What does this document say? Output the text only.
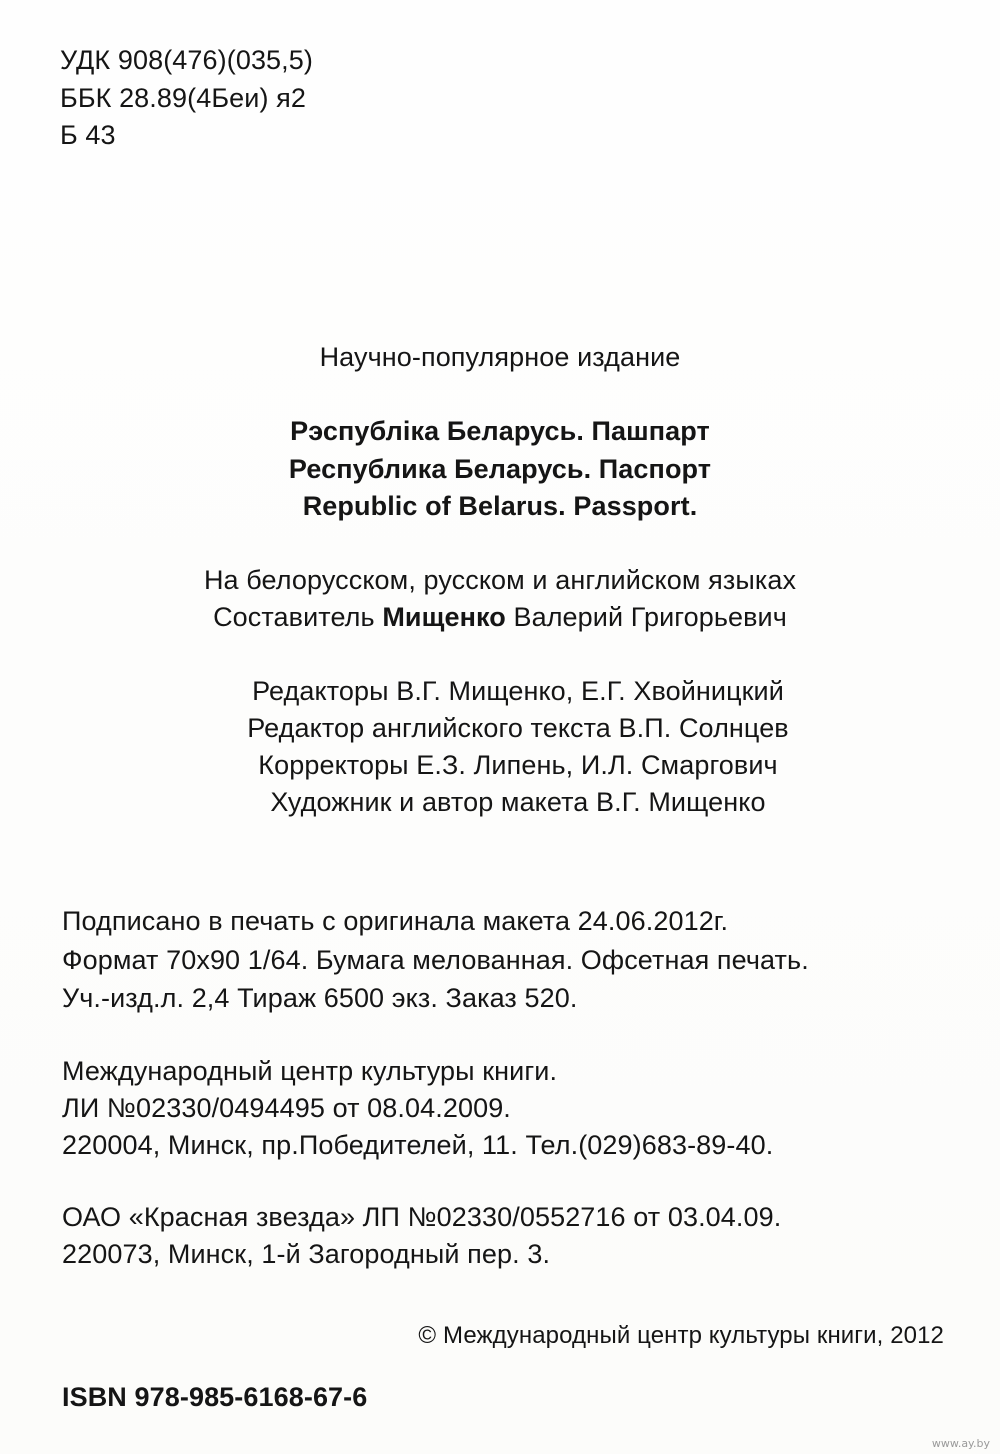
УДК 908(476)(035,5)
ББК 28.89(4Беи) я2
Б 43
Научно-популярное издание
Рэспубліка Беларусь. Пашпарт
Республика Беларусь. Паспорт
Republic of Belarus. Passport.
На белорусском, русском и английском языках
Составитель Мищенко Валерий Григорьевич
Редакторы В.Г. Мищенко, Е.Г. Хвойницкий
Редактор английского текста В.П. Солнцев
Корректоры Е.З. Липень, И.Л. Смаргович
Художник и автор макета В.Г. Мищенко
Подписано в печать с оригинала макета 24.06.2012г.
Формат 70х90 1/64. Бумага мелованная. Офсетная печать.
Уч.-изд.л. 2,4 Тираж 6500 экз. Заказ 520.
Международный центр культуры книги.
ЛИ №02330/0494495 от 08.04.2009.
220004, Минск, пр.Победителей, 11. Тел.(029)683-89-40.
ОАО «Красная звезда» ЛП №02330/0552716 от 03.04.09.
220073, Минск, 1-й Загородный пер. 3.
© Международный центр культуры книги, 2012
ISBN 978-985-6168-67-6
www.ay.by
